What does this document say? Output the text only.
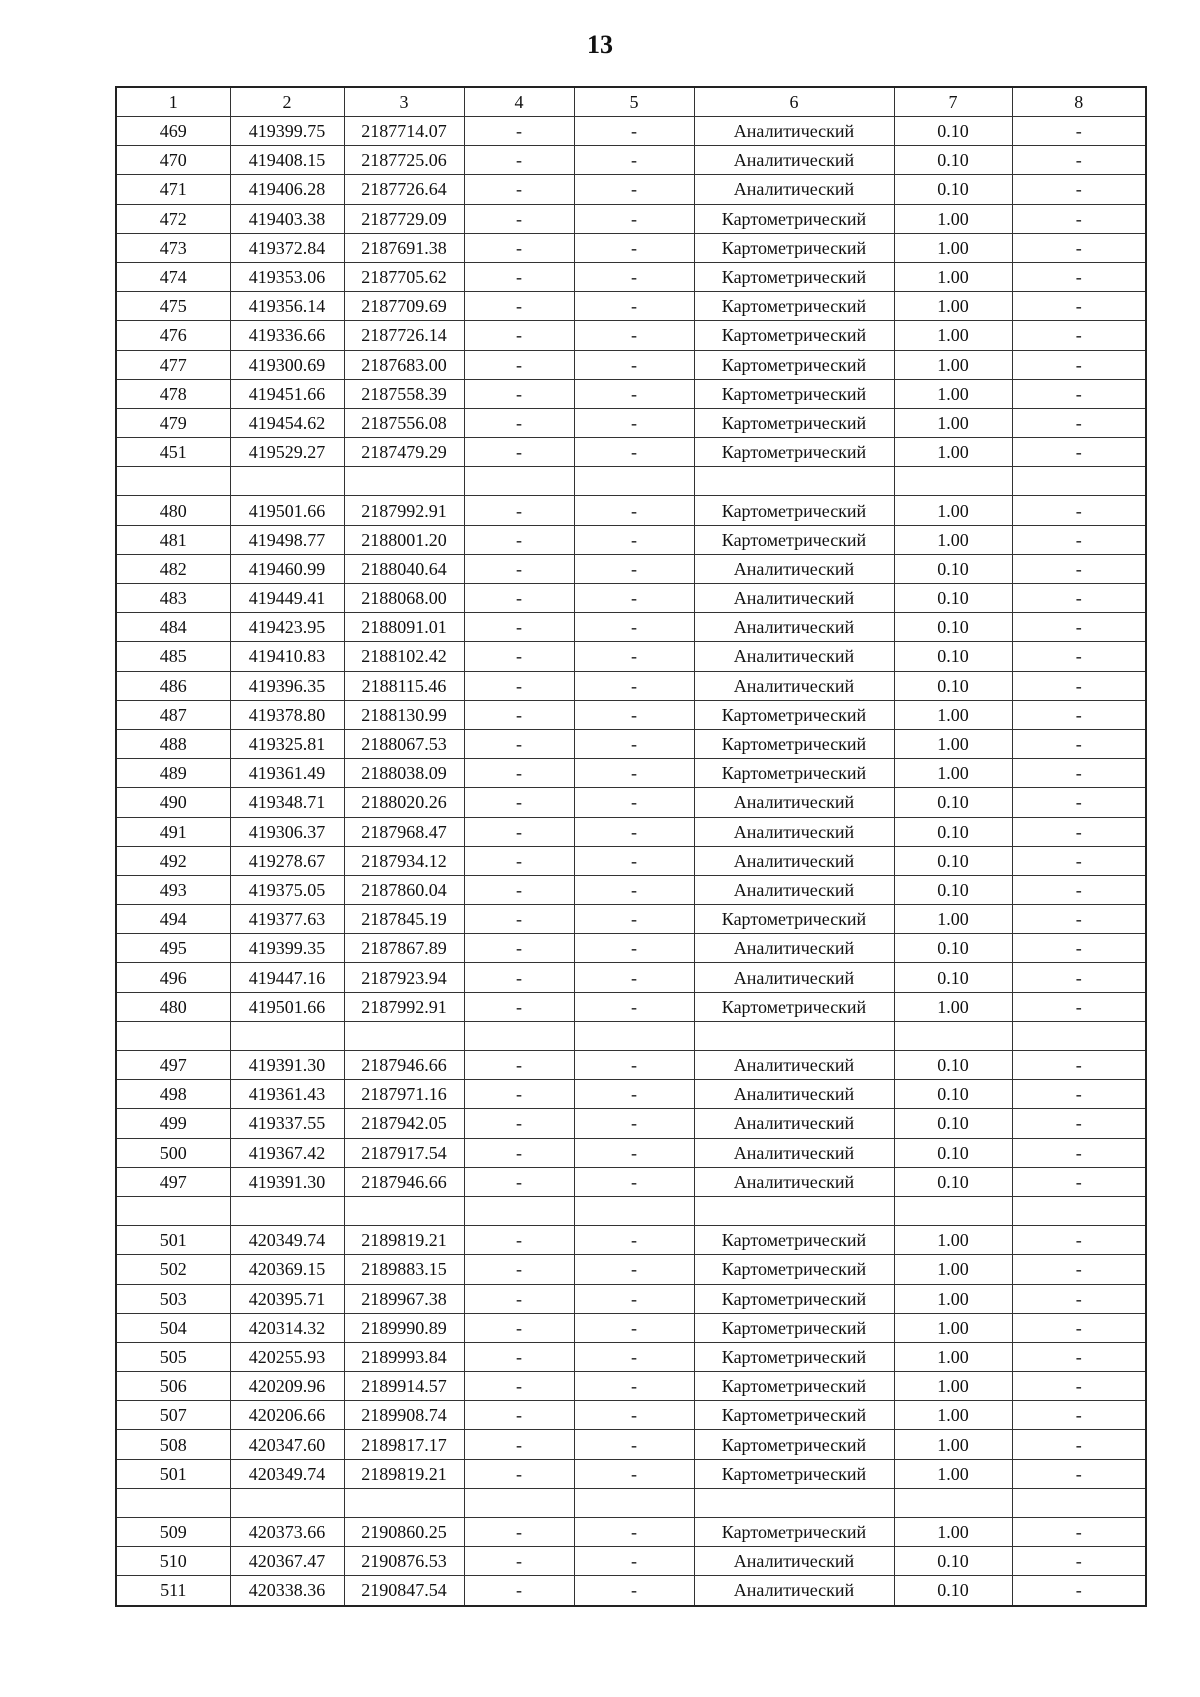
13
1	2	3	4	5	6	7	8
469	419399.75	2187714.07	-	-	Аналитический	0.10	-
470	419408.15	2187725.06	-	-	Аналитический	0.10	-
471	419406.28	2187726.64	-	-	Аналитический	0.10	-
472	419403.38	2187729.09	-	-	Картометрический	1.00	-
473	419372.84	2187691.38	-	-	Картометрический	1.00	-
474	419353.06	2187705.62	-	-	Картометрический	1.00	-
475	419356.14	2187709.69	-	-	Картометрический	1.00	-
476	419336.66	2187726.14	-	-	Картометрический	1.00	-
477	419300.69	2187683.00	-	-	Картометрический	1.00	-
478	419451.66	2187558.39	-	-	Картометрический	1.00	-
479	419454.62	2187556.08	-	-	Картометрический	1.00	-
451	419529.27	2187479.29	-	-	Картометрический	1.00	-

480	419501.66	2187992.91	-	-	Картометрический	1.00	-
481	419498.77	2188001.20	-	-	Картометрический	1.00	-
482	419460.99	2188040.64	-	-	Аналитический	0.10	-
483	419449.41	2188068.00	-	-	Аналитический	0.10	-
484	419423.95	2188091.01	-	-	Аналитический	0.10	-
485	419410.83	2188102.42	-	-	Аналитический	0.10	-
486	419396.35	2188115.46	-	-	Аналитический	0.10	-
487	419378.80	2188130.99	-	-	Картометрический	1.00	-
488	419325.81	2188067.53	-	-	Картометрический	1.00	-
489	419361.49	2188038.09	-	-	Картометрический	1.00	-
490	419348.71	2188020.26	-	-	Аналитический	0.10	-
491	419306.37	2187968.47	-	-	Аналитический	0.10	-
492	419278.67	2187934.12	-	-	Аналитический	0.10	-
493	419375.05	2187860.04	-	-	Аналитический	0.10	-
494	419377.63	2187845.19	-	-	Картометрический	1.00	-
495	419399.35	2187867.89	-	-	Аналитический	0.10	-
496	419447.16	2187923.94	-	-	Аналитический	0.10	-
480	419501.66	2187992.91	-	-	Картометрический	1.00	-

497	419391.30	2187946.66	-	-	Аналитический	0.10	-
498	419361.43	2187971.16	-	-	Аналитический	0.10	-
499	419337.55	2187942.05	-	-	Аналитический	0.10	-
500	419367.42	2187917.54	-	-	Аналитический	0.10	-
497	419391.30	2187946.66	-	-	Аналитический	0.10	-

501	420349.74	2189819.21	-	-	Картометрический	1.00	-
502	420369.15	2189883.15	-	-	Картометрический	1.00	-
503	420395.71	2189967.38	-	-	Картометрический	1.00	-
504	420314.32	2189990.89	-	-	Картометрический	1.00	-
505	420255.93	2189993.84	-	-	Картометрический	1.00	-
506	420209.96	2189914.57	-	-	Картометрический	1.00	-
507	420206.66	2189908.74	-	-	Картометрический	1.00	-
508	420347.60	2189817.17	-	-	Картометрический	1.00	-
501	420349.74	2189819.21	-	-	Картометрический	1.00	-

509	420373.66	2190860.25	-	-	Картометрический	1.00	-
510	420367.47	2190876.53	-	-	Аналитический	0.10	-
511	420338.36	2190847.54	-	-	Аналитический	0.10	-
